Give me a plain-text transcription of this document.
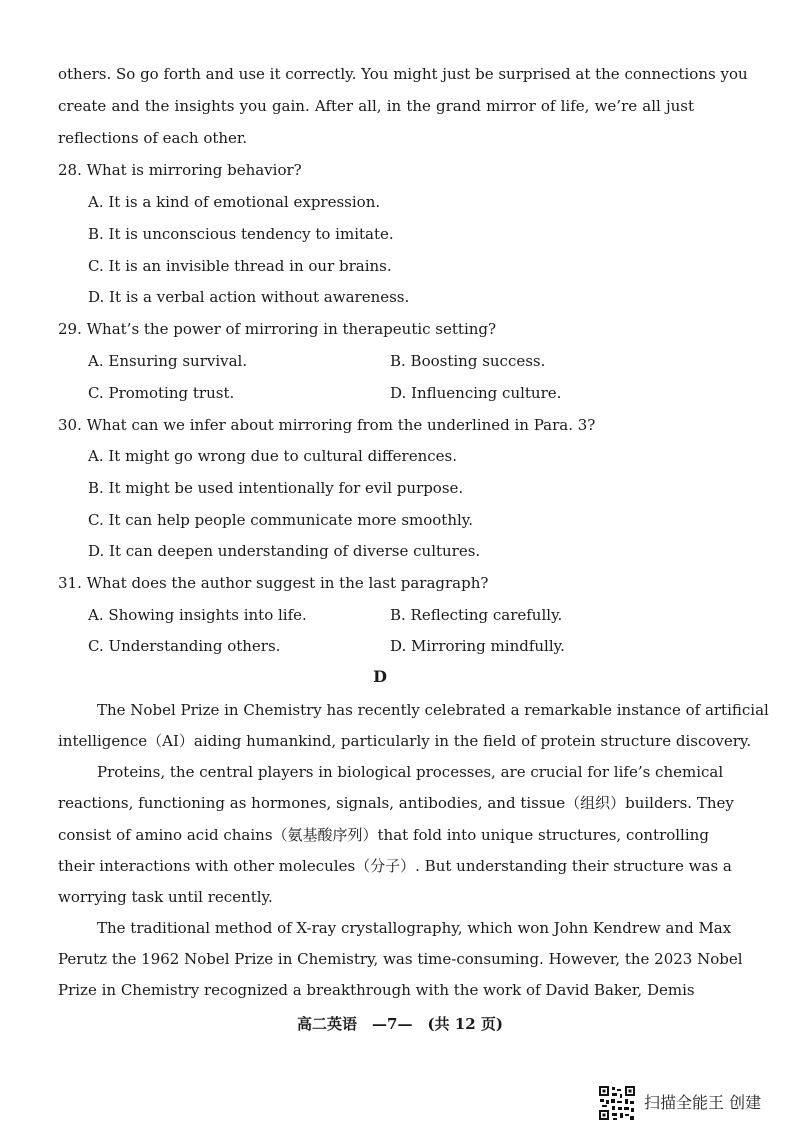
others. So go forth and use it correctly. You might just be surprised at the connections you
create and the insights you gain. After all, in the grand mirror of life, we’re all just
reflections of each other.
28. What is mirroring behavior?
A. It is a kind of emotional expression.
B. It is unconscious tendency to imitate.
C. It is an invisible thread in our brains.
D. It is a verbal action without awareness.
29. What’s the power of mirroring in therapeutic setting?
A. Ensuring survival.	B. Boosting success.
C. Promoting trust.	D. Influencing culture.
30. What can we infer about mirroring from the underlined in Para. 3?
A. It might go wrong due to cultural differences.
B. It might be used intentionally for evil purpose.
C. It can help people communicate more smoothly.
D. It can deepen understanding of diverse cultures.
31. What does the author suggest in the last paragraph?
A. Showing insights into life.	B. Reflecting carefully.
C. Understanding others.	D. Mirroring mindfully.
D
The Nobel Prize in Chemistry has recently celebrated a remarkable instance of artificial
intelligence（AI）aiding humankind, particularly in the field of protein structure discovery.
Proteins, the central players in biological processes, are crucial for life’s chemical
reactions, functioning as hormones, signals, antibodies, and tissue（组织）builders. They
consist of amino acid chains（氨基酸序列）that fold into unique structures, controlling
their interactions with other molecules（分子）. But understanding their structure was a
worrying task until recently.
The traditional method of X-ray crystallography, which won John Kendrew and Max
Perutz the 1962 Nobel Prize in Chemistry, was time-consuming. However, the 2023 Nobel
Prize in Chemistry recognized a breakthrough with the work of David Baker, Demis
高二英语　—7—　(共 12 页)
扫描全能王 创建
